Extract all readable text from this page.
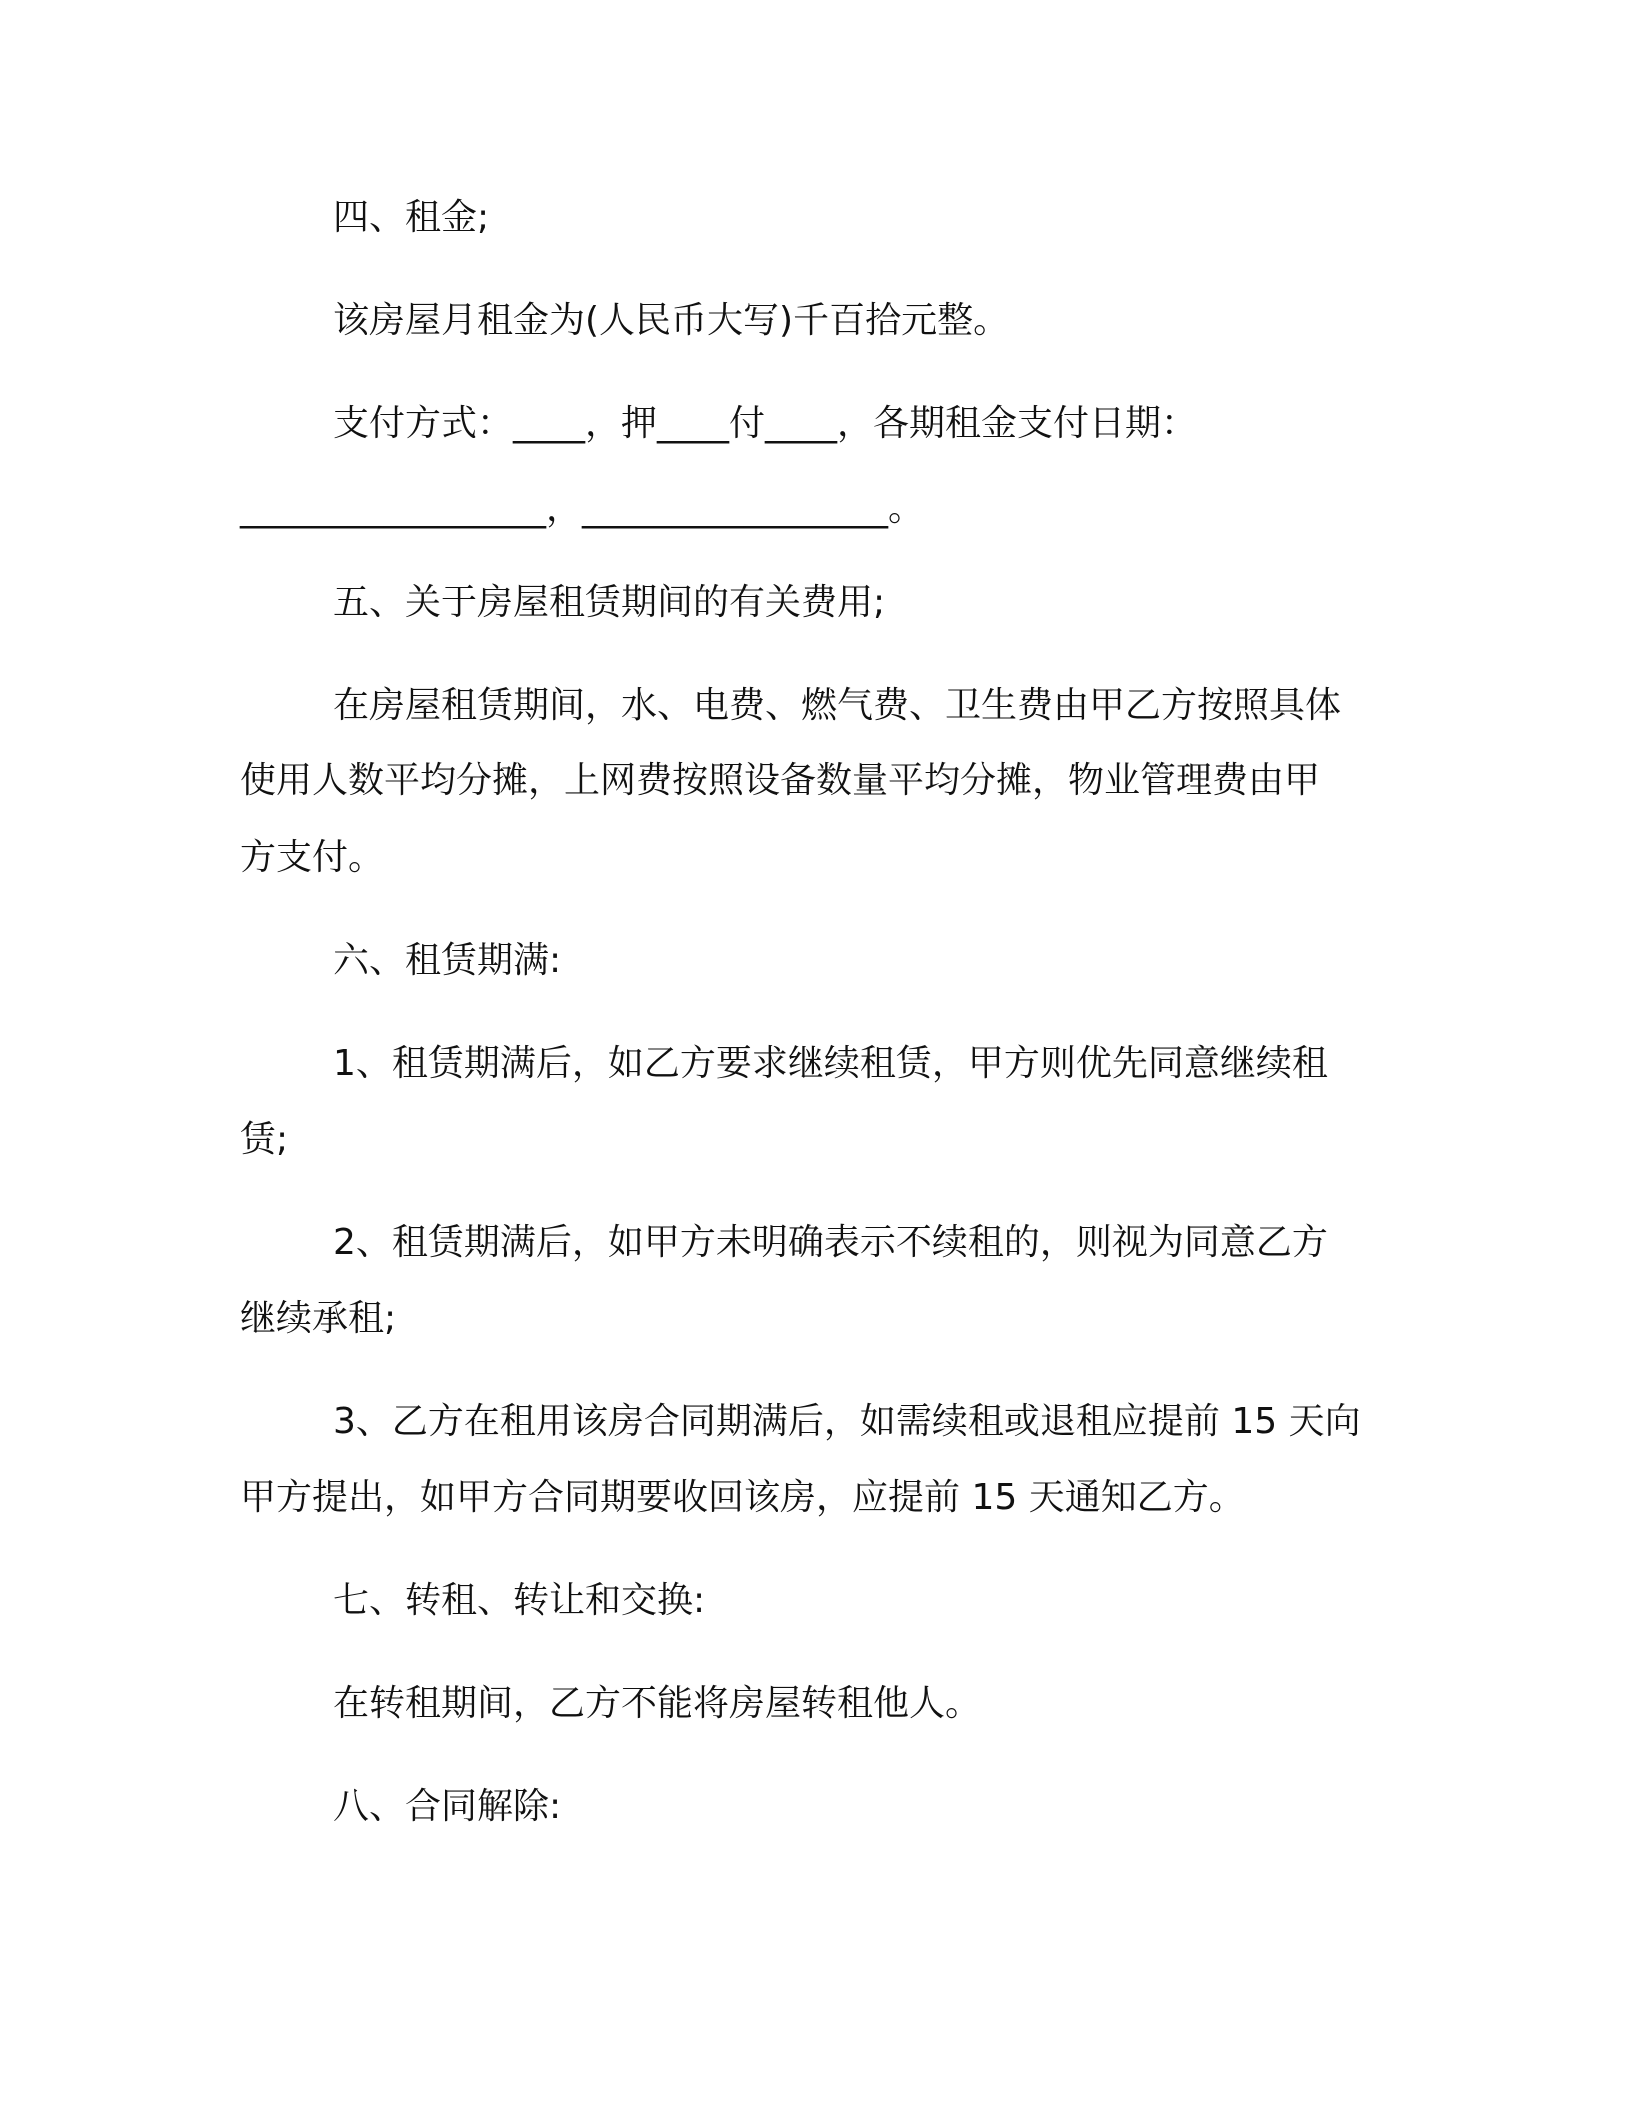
四、租金;
该房屋月租金为(人民币大写)千百拾元整。
支付方式：____，押____付____，各期租金支付日期：
_________________，_________________。
五、关于房屋租赁期间的有关费用;
在房屋租赁期间，水、电费、燃气费、卫生费由甲乙方按照具体
使用人数平均分摊，上网费按照设备数量平均分摊，物业管理费由甲
方支付。
六、租赁期满:
1、租赁期满后，如乙方要求继续租赁，甲方则优先同意继续租
赁;
2、租赁期满后，如甲方未明确表示不续租的，则视为同意乙方
继续承租;
3、乙方在租用该房合同期满后，如需续租或退租应提前 15 天向
甲方提出，如甲方合同期要收回该房，应提前 15 天通知乙方。
七、转租、转让和交换:
在转租期间，乙方不能将房屋转租他人。
八、合同解除:
